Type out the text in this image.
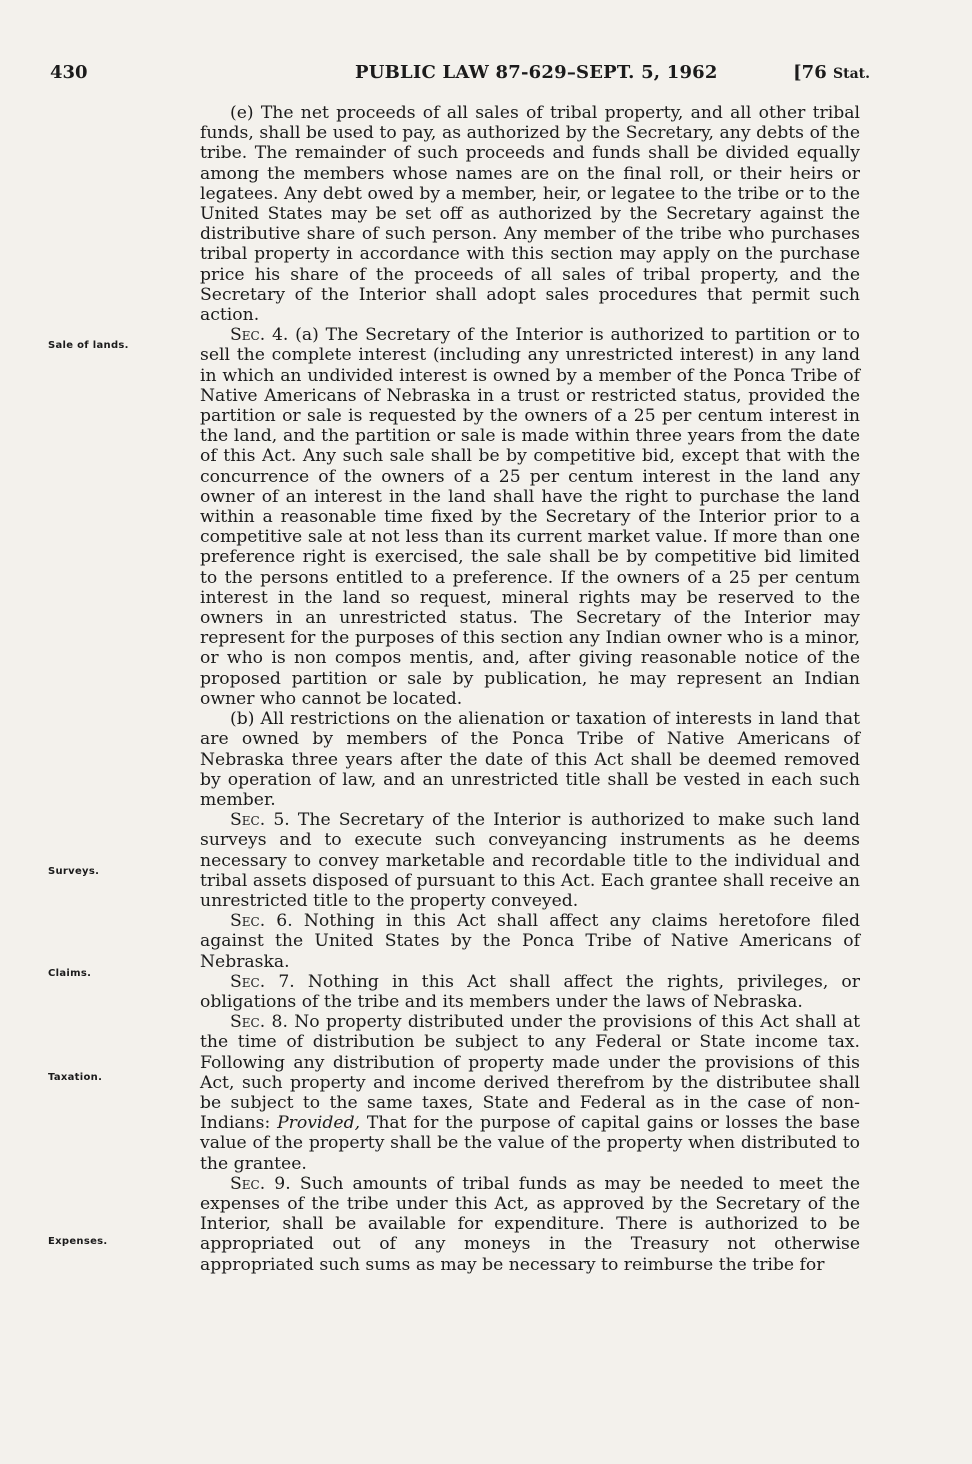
430	PUBLIC LAW 87-629–SEPT. 5, 1962	[76 Stat.
Sale of lands.
Surveys.
Claims.
Taxation.
Expenses.

(e) The net proceeds of all sales of tribal property, and all other tribal funds, shall be used to pay, as authorized by the Secretary, any debts of the tribe. The remainder of such proceeds and funds shall be divided equally among the members whose names are on the final roll, or their heirs or legatees. Any debt owed by a member, heir, or legatee to the tribe or to the United States may be set off as authorized by the Secretary against the distributive share of such person. Any member of the tribe who purchases tribal property in accordance with this section may apply on the purchase price his share of the proceeds of all sales of tribal property, and the Secretary of the Interior shall adopt sales procedures that permit such action.

Sec. 4. (a) The Secretary of the Interior is authorized to partition or to sell the complete interest (including any unrestricted interest) in any land in which an undivided interest is owned by a member of the Ponca Tribe of Native Americans of Nebraska in a trust or restricted status, provided the partition or sale is requested by the owners of a 25 per centum interest in the land, and the partition or sale is made within three years from the date of this Act. Any such sale shall be by competitive bid, except that with the concurrence of the owners of a 25 per centum interest in the land any owner of an interest in the land shall have the right to purchase the land within a reasonable time fixed by the Secretary of the Interior prior to a competitive sale at not less than its current market value. If more than one preference right is exercised, the sale shall be by competitive bid limited to the persons entitled to a preference. If the owners of a 25 per centum interest in the land so request, mineral rights may be reserved to the owners in an unrestricted status. The Secretary of the Interior may represent for the purposes of this section any Indian owner who is a minor, or who is non compos mentis, and, after giving reasonable notice of the proposed partition or sale by publication, he may represent an Indian owner who cannot be located.

(b) All restrictions on the alienation or taxation of interests in land that are owned by members of the Ponca Tribe of Native Americans of Nebraska three years after the date of this Act shall be deemed removed by operation of law, and an unrestricted title shall be vested in each such member.

Sec. 5. The Secretary of the Interior is authorized to make such land surveys and to execute such conveyancing instruments as he deems necessary to convey marketable and recordable title to the individual and tribal assets disposed of pursuant to this Act. Each grantee shall receive an unrestricted title to the property conveyed.

Sec. 6. Nothing in this Act shall affect any claims heretofore filed against the United States by the Ponca Tribe of Native Americans of Nebraska.

Sec. 7. Nothing in this Act shall affect the rights, privileges, or obligations of the tribe and its members under the laws of Nebraska.

Sec. 8. No property distributed under the provisions of this Act shall at the time of distribution be subject to any Federal or State income tax. Following any distribution of property made under the provisions of this Act, such property and income derived therefrom by the distributee shall be subject to the same taxes, State and Federal as in the case of non-Indians: Provided, That for the purpose of capital gains or losses the base value of the property shall be the value of the property when distributed to the grantee.

Sec. 9. Such amounts of tribal funds as may be needed to meet the expenses of the tribe under this Act, as approved by the Secretary of the Interior, shall be available for expenditure. There is authorized to be appropriated out of any moneys in the Treasury not otherwise appropriated such sums as may be necessary to reimburse the tribe for
